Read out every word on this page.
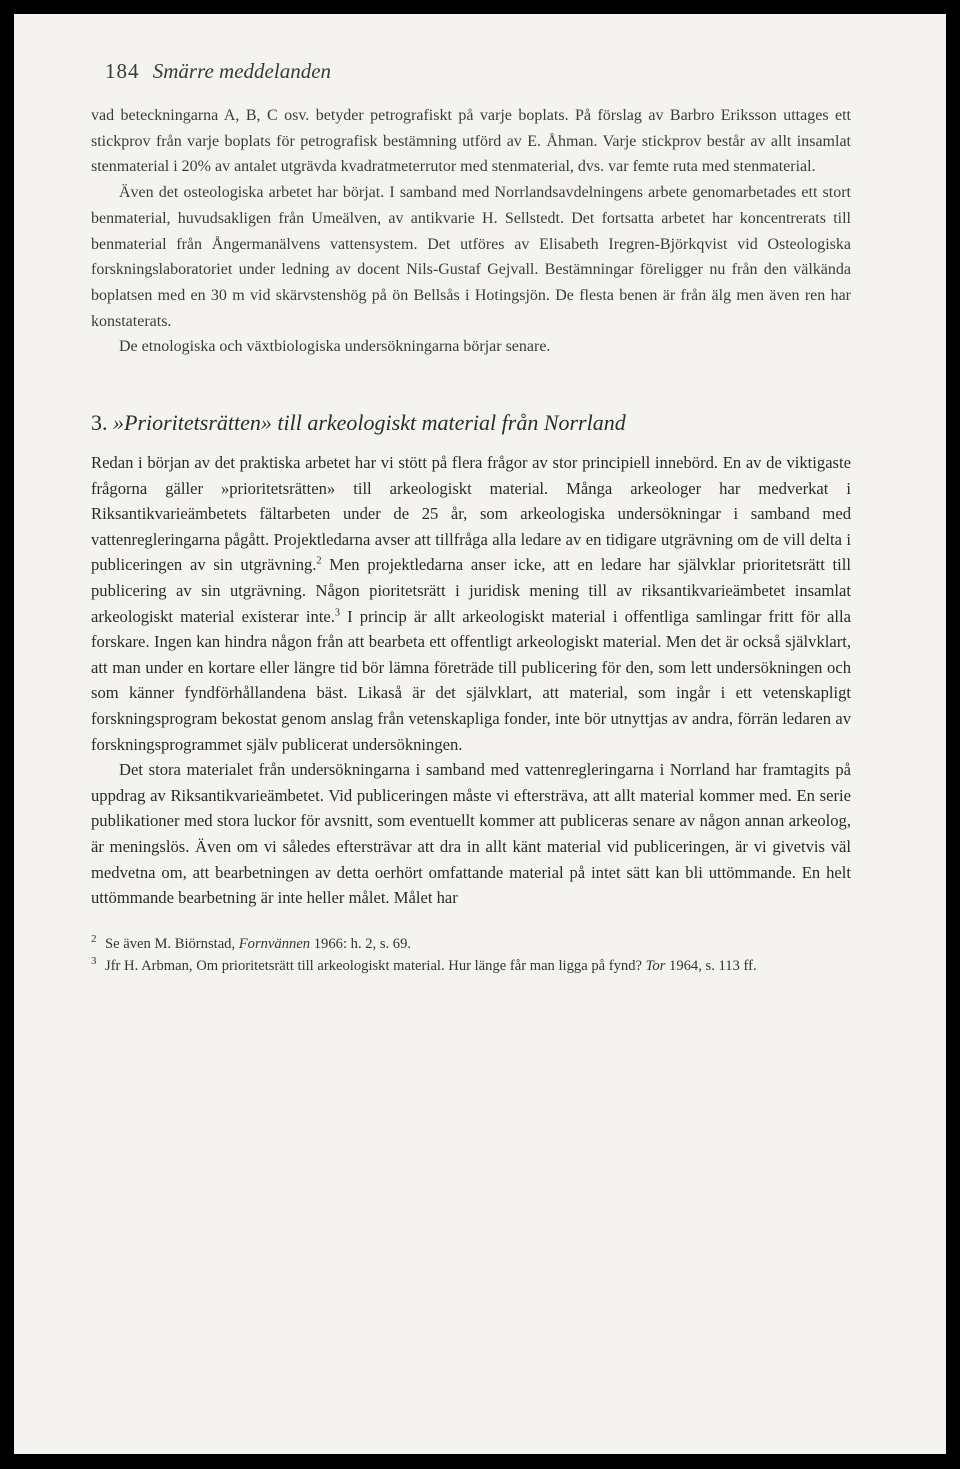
184 Smärre meddelanden

vad beteckningarna A, B, C osv. betyder petrografiskt på varje boplats. På förslag av Barbro Eriksson uttages ett stickprov från varje boplats för petrografisk bestämning utförd av E. Åhman. Varje stickprov består av allt insamlat stenmaterial i 20% av antalet utgrävda kvadratmeterrutor med stenmaterial, dvs. var femte ruta med stenmaterial.

Även det osteologiska arbetet har börjat. I samband med Norrlandsavdelningens arbete genomarbetades ett stort benmaterial, huvudsakligen från Umeälven, av antikvarie H. Sellstedt. Det fortsatta arbetet har koncentrerats till benmaterial från Ångermanälvens vattensystem. Det utföres av Elisabeth Iregren-Björkqvist vid Osteologiska forskningslaboratoriet under ledning av docent Nils-Gustaf Gejvall. Bestämningar föreligger nu från den välkända boplatsen med en 30 m vid skärvstenshög på ön Bellsås i Hotingsjön. De flesta benen är från älg men även ren har konstaterats.

De etnologiska och växtbiologiska undersökningarna börjar senare.

3. »Prioritetsrätten» till arkeologiskt material från Norrland

Redan i början av det praktiska arbetet har vi stött på flera frågor av stor principiell innebörd. En av de viktigaste frågorna gäller »prioritetsrätten» till arkeologiskt material. Många arkeologer har medverkat i Riksantikvarieämbetets fältarbeten under de 25 år, som arkeologiska undersökningar i samband med vattenregleringarna pågått. Projektledarna avser att tillfråga alla ledare av en tidigare utgrävning om de vill delta i publiceringen av sin utgrävning.$^2$ Men projektledarna anser icke, att en ledare har självklar prioritetsrätt till publicering av sin utgrävning. Någon pioritetsrätt i juridisk mening till av riksantikvarieämbetet insamlat arkeologiskt material existerar inte.$^3$ I princip är allt arkeologiskt material i offentliga samlingar fritt för alla forskare. Ingen kan hindra någon från att bearbeta ett offentligt arkeologiskt material. Men det är också självklart, att man under en kortare eller längre tid bör lämna företräde till publicering för den, som lett undersökningen och som känner fyndförhållandena bäst. Likaså är det självklart, att material, som ingår i ett vetenskapligt forskningsprogram bekostat genom anslag från vetenskapliga fonder, inte bör utnyttjas av andra, förrän ledaren av forskningsprogrammet själv publicerat undersökningen.

Det stora materialet från undersökningarna i samband med vattenregleringarna i Norrland har framtagits på uppdrag av Riksantikvarieämbetet. Vid publiceringen måste vi eftersträva, att allt material kommer med. En serie publikationer med stora luckor för avsnitt, som eventuellt kommer att publiceras senare av någon annan arkeolog, är meningslös. Även om vi således eftersträvar att dra in allt känt material vid publiceringen, är vi givetvis väl medvetna om, att bearbetningen av detta oerhört omfattande material på intet sätt kan bli uttömmande. En helt uttömmande bearbetning är inte heller målet. Målet har

2 Se även M. Biörnstad, Fornvännen 1966: h. 2, s. 69.

3 Jfr H. Arbman, Om prioritetsrätt till arkeologiskt material. Hur länge får man ligga på fynd? Tor 1964, s. 113 ff.
